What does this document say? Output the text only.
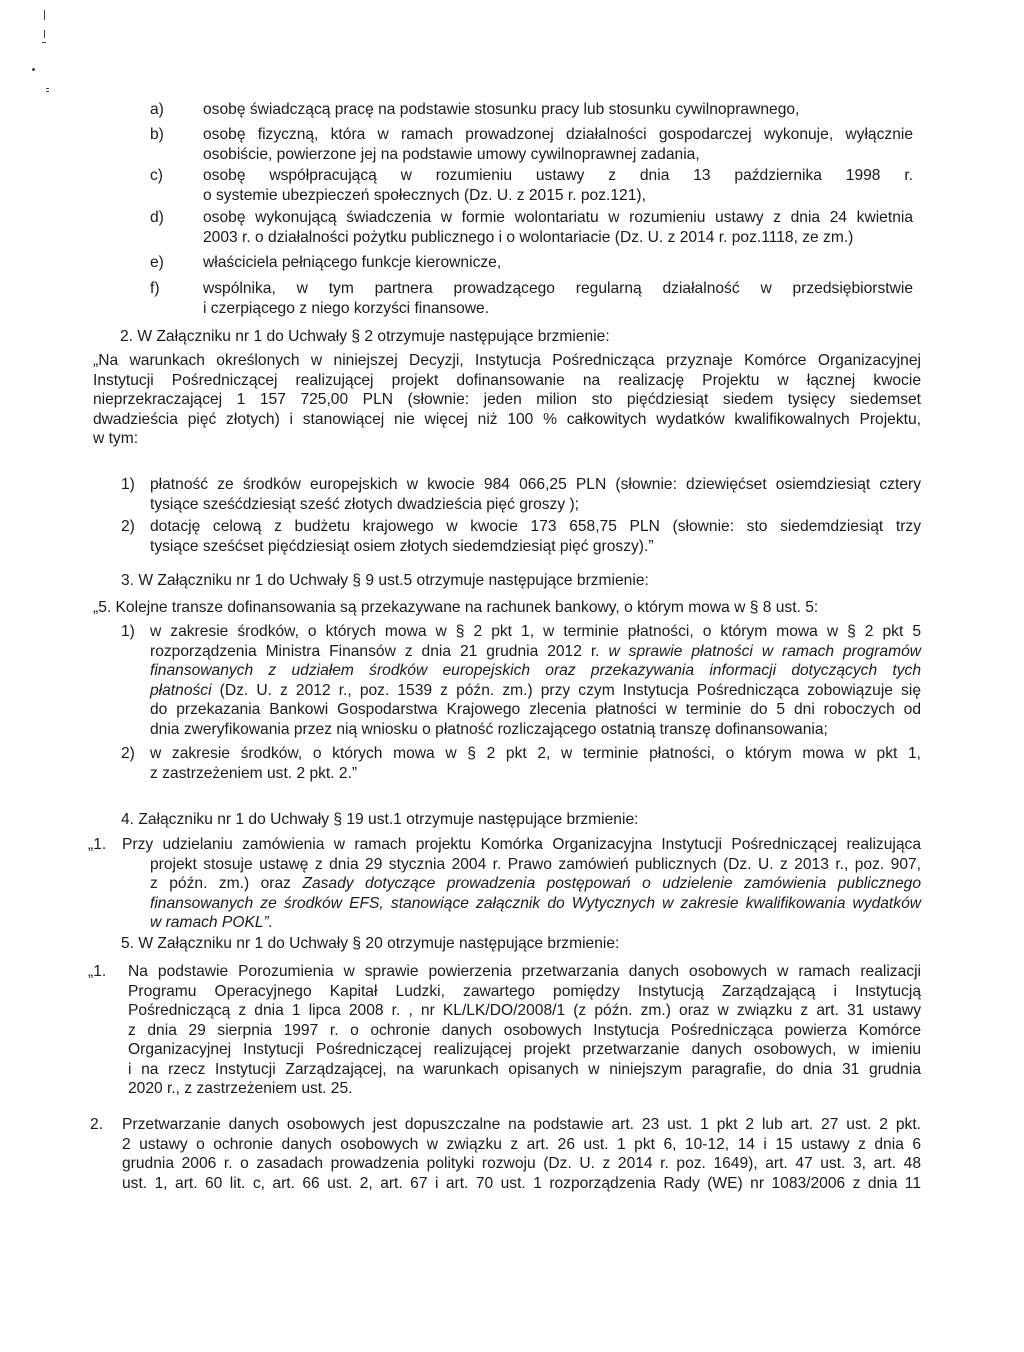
a)	osobę świadczącą pracę na podstawie stosunku pracy lub stosunku cywilnoprawnego,
b)	osobę fizyczną, która w ramach prowadzonej działalności gospodarczej wykonuje, wyłącznie
osobiście, powierzone jej na podstawie umowy cywilnoprawnej zadania,
c)	osobę współpracującą w rozumieniu ustawy z dnia 13 października 1998 r.
o systemie ubezpieczeń społecznych (Dz. U. z 2015 r. poz.121),
d)	osobę wykonującą świadczenia w formie wolontariatu w rozumieniu ustawy z dnia 24 kwietnia
2003 r. o działalności pożytku publicznego i o wolontariacie (Dz. U. z 2014 r. poz.1118, ze zm.)
e)	właściciela pełniącego funkcje kierownicze,
f)	wspólnika, w tym partnera prowadzącego regularną działalność w przedsiębiorstwie
i czerpiącego z niego korzyści finansowe.
2. W Załączniku nr 1 do Uchwały § 2 otrzymuje następujące brzmienie:
„Na warunkach określonych w niniejszej Decyzji, Instytucja Pośrednicząca przyznaje Komórce Organizacyjnej
Instytucji Pośredniczącej realizującej projekt dofinansowanie na realizację Projektu w łącznej kwocie
nieprzekraczającej 1 157 725,00 PLN (słownie: jeden milion sto pięćdziesiąt siedem tysięcy siedemset
dwadzieścia pięć złotych) i stanowiącej nie więcej niż 100 % całkowitych wydatków kwalifikowalnych Projektu,
w tym:
1) płatność ze środków europejskich w kwocie 984 066,25 PLN (słownie: dziewięćset osiemdziesiąt cztery
tysiące sześćdziesiąt sześć złotych dwadzieścia pięć groszy );
2) dotację celową z budżetu krajowego w kwocie 173 658,75 PLN (słownie: sto siedemdziesiąt trzy
tysiące sześćset pięćdziesiąt osiem złotych siedemdziesiąt pięć groszy).”
3. W Załączniku nr 1 do Uchwały § 9 ust.5 otrzymuje następujące brzmienie:
„5. Kolejne transze dofinansowania są przekazywane na rachunek bankowy, o którym mowa w § 8 ust. 5:
1) w zakresie środków, o których mowa w § 2 pkt 1, w terminie płatności, o którym mowa w § 2 pkt 5
rozporządzenia Ministra Finansów z dnia 21 grudnia 2012 r. w sprawie płatności w ramach programów
finansowanych z udziałem środków europejskich oraz przekazywania informacji dotyczących tych
płatności (Dz. U. z 2012 r., poz. 1539 z późn. zm.) przy czym Instytucja Pośrednicząca zobowiązuje się
do przekazania Bankowi Gospodarstwa Krajowego zlecenia płatności w terminie do 5 dni roboczych od
dnia zweryfikowania przez nią wniosku o płatność rozliczającego ostatnią transzę dofinansowania;
2) w zakresie środków, o których mowa w § 2 pkt 2, w terminie płatności, o którym mowa w pkt 1,
z zastrzeżeniem ust. 2 pkt. 2.”
4. Załączniku nr 1 do Uchwały § 19 ust.1 otrzymuje następujące brzmienie:
„1. Przy udzielaniu zamówienia w ramach projektu Komórka Organizacyjna Instytucji Pośredniczącej realizująca
projekt stosuje ustawę z dnia 29 stycznia 2004 r. Prawo zamówień publicznych (Dz. U. z 2013 r., poz. 907,
z późn. zm.) oraz Zasady dotyczące prowadzenia postępowań o udzielenie zamówienia publicznego
finansowanych ze środków EFS, stanowiące załącznik do Wytycznych w zakresie kwalifikowania wydatków
w ramach POKL”.
5. W Załączniku nr 1 do Uchwały § 20 otrzymuje następujące brzmienie:
„1. Na podstawie Porozumienia w sprawie powierzenia przetwarzania danych osobowych w ramach realizacji
Programu Operacyjnego Kapitał Ludzki, zawartego pomiędzy Instytucją Zarządzającą i Instytucją
Pośredniczącą z dnia 1 lipca 2008 r. , nr KL/LK/DO/2008/1 (z późn. zm.) oraz w związku z art. 31 ustawy
z dnia 29 sierpnia 1997 r. o ochronie danych osobowych Instytucja Pośrednicząca powierza Komórce
Organizacyjnej Instytucji Pośredniczącej realizującej projekt przetwarzanie danych osobowych, w imieniu
i na rzecz Instytucji Zarządzającej, na warunkach opisanych w niniejszym paragrafie, do dnia 31 grudnia
2020 r., z zastrzeżeniem ust. 25.
2. Przetwarzanie danych osobowych jest dopuszczalne na podstawie art. 23 ust. 1 pkt 2 lub art. 27 ust. 2 pkt.
2 ustawy o ochronie danych osobowych w związku z art. 26 ust. 1 pkt 6, 10-12, 14 i 15 ustawy z dnia 6
grudnia 2006 r. o zasadach prowadzenia polityki rozwoju (Dz. U. z 2014 r. poz. 1649), art. 47 ust. 3, art. 48
ust. 1, art. 60 lit. c, art. 66 ust. 2, art. 67 i art. 70 ust. 1 rozporządzenia Rady (WE) nr 1083/2006 z dnia 11
